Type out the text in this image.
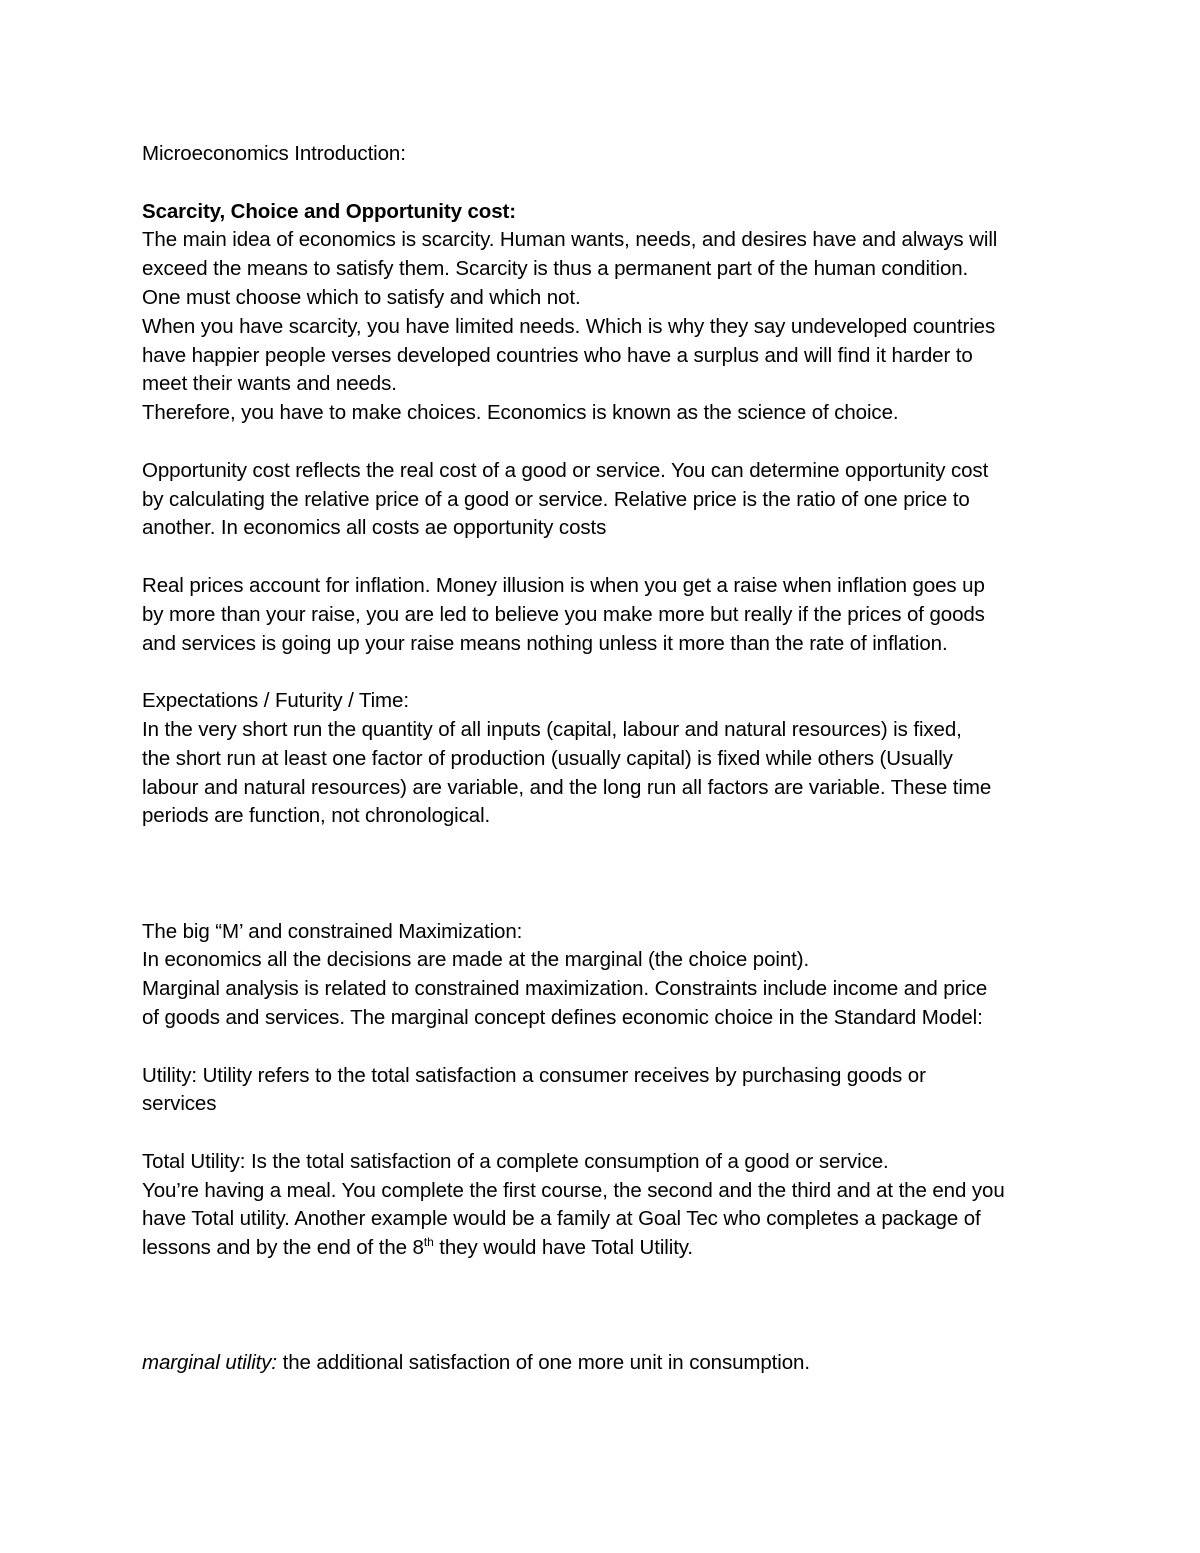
Microeconomics Introduction:
Scarcity, Choice and Opportunity cost:
The main idea of economics is scarcity. Human wants, needs, and desires have and always will
exceed the means to satisfy them. Scarcity is thus a permanent part of the human condition.
One must choose which to satisfy and which not.
When you have scarcity, you have limited needs. Which is why they say undeveloped countries
have happier people verses developed countries who have a surplus and will find it harder to
meet their wants and needs.
Therefore, you have to make choices. Economics is known as the science of choice.
Opportunity cost reflects the real cost of a good or service. You can determine opportunity cost
by calculating the relative price of a good or service. Relative price is the ratio of one price to
another. In economics all costs ae opportunity costs
Real prices account for inflation. Money illusion is when you get a raise when inflation goes up
by more than your raise, you are led to believe you make more but really if the prices of goods
and services is going up your raise means nothing unless it more than the rate of inflation.
Expectations / Futurity / Time:
In the very short run the quantity of all inputs (capital, labour and natural resources) is fixed,
the short run at least one factor of production (usually capital) is fixed while others (Usually
labour and natural resources) are variable, and the long run all factors are variable. These time
periods are function, not chronological.
The big “M’ and constrained Maximization:
In economics all the decisions are made at the marginal (the choice point).
Marginal analysis is related to constrained maximization. Constraints include income and price
of goods and services. The marginal concept defines economic choice in the Standard Model:
Utility: Utility refers to the total satisfaction a consumer receives by purchasing goods or
services
Total Utility: Is the total satisfaction of a complete consumption of a good or service.
You’re having a meal. You complete the first course, the second and the third and at the end you
have Total utility. Another example would be a family at Goal Tec who completes a package of
lessons and by the end of the 8th they would have Total Utility.
marginal utility: the additional satisfaction of one more unit in consumption.
